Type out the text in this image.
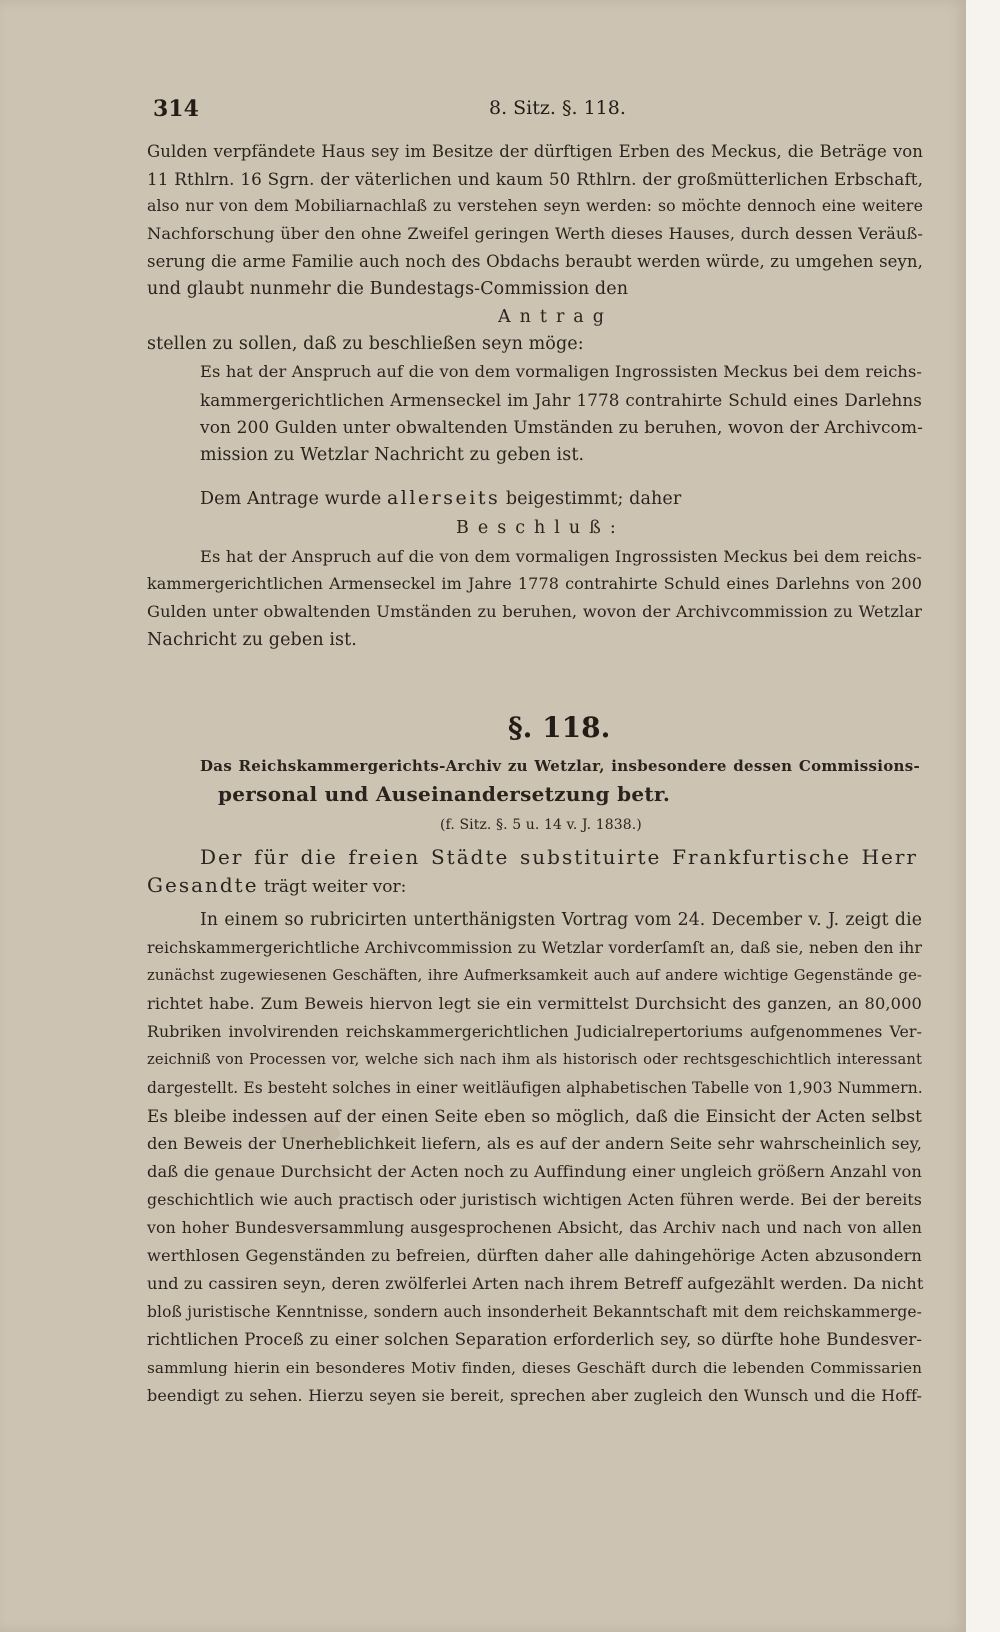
314	8. Sitz. §. 118.
Gulden verpfändete Haus sey im Besitze der dürftigen Erben des Meckus, die Beträge von
11 Rthlrn. 16 Sgrn. der väterlichen und kaum 50 Rthlrn. der großmütterlichen Erbschaft,
also nur von dem Mobiliarnachlaß zu verstehen seyn werden: so möchte dennoch eine weitere
Nachforschung über den ohne Zweifel geringen Werth dieses Hauses, durch dessen Veräuß-
serung die arme Familie auch noch des Obdachs beraubt werden würde, zu umgehen seyn,
und glaubt nunmehr die Bundestags-Commission den
Antrag
stellen zu sollen, daß zu beschließen seyn möge:
Es hat der Anspruch auf die von dem vormaligen Ingrossisten Meckus bei dem reichs-
kammergerichtlichen Armensеckel im Jahr 1778 contrahirte Schuld eines Darlehns
von 200 Gulden unter obwaltenden Umständen zu beruhen, wovon der Archivcom-
mission zu Wetzlar Nachricht zu geben ist.
Dem Antrage wurde allerseits beigestimmt; daher
Beschluß:
Es hat der Anspruch auf die von dem vormaligen Ingrossisten Meckus bei dem reichs-
kammergerichtlichen Armensеckel im Jahre 1778 contrahirte Schuld eines Darlehns von 200
Gulden unter obwaltenden Umständen zu beruhen, wovon der Archivcommission zu Wetzlar
Nachricht zu geben ist.
§. 118.
Das Reichskammergerichts-Archiv zu Wetzlar, insbesondere dessen Commissions-
personal und Auseinandersetzung betr.
(f. Sitz. §. 5 u. 14 v. J. 1838.)
Der für die freien Städte substituirte Frankfurtische Herr
Gesandte trägt weiter vor:
In einem so rubricirten unterthänigsten Vortrag vom 24. December v. J. zeigt die
reichskammergerichtliche Archivcommission zu Wetzlar vorderſamſt an, daß sie, neben den ihr
zunächst zugewiesenen Geschäften, ihre Aufmerksamkeit auch auf andere wichtige Gegenstände ge-
richtet habe. Zum Beweis hiervon legt sie ein vermittelst Durchsicht des ganzen, an 80,000
Rubriken involvirenden reichskammergerichtlichen Judicialrepertoriums aufgenommenes Ver-
zeichniß von Processen vor, welche sich nach ihm als historisch oder rechtsgeschichtlich interessant
dargestellt. Es besteht solches in einer weitläufigen alphabetischen Tabelle von 1,903 Nummern.
Es bleibe indessen auf der einen Seite eben so möglich, daß die Einsicht der Acten selbst
den Beweis der Unerheblichkeit liefern, als es auf der andern Seite sehr wahrscheinlich sey,
daß die genaue Durchsicht der Acten noch zu Auffindung einer ungleich größern Anzahl von
geschichtlich wie auch practisch oder juristisch wichtigen Acten führen werde. Bei der bereits
von hoher Bundesversammlung ausgesprochenen Absicht, das Archiv nach und nach von allen
werthlosen Gegenständen zu befreien, dürften daher alle dahingehörige Acten abzusondern
und zu cassiren seyn, deren zwölferlei Arten nach ihrem Betreff aufgezählt werden. Da nicht
bloß juristische Kenntnisse, sondern auch insonderheit Bekanntschaft mit dem reichskammerge-
richtlichen Proceß zu einer solchen Separation erforderlich sey, so dürfte hohe Bundesver-
sammlung hierin ein besonderes Motiv finden, dieses Geschäft durch die lebenden Commissarien
beendigt zu sehen. Hierzu seyen sie bereit, sprechen aber zugleich den Wunsch und die Hoff-
